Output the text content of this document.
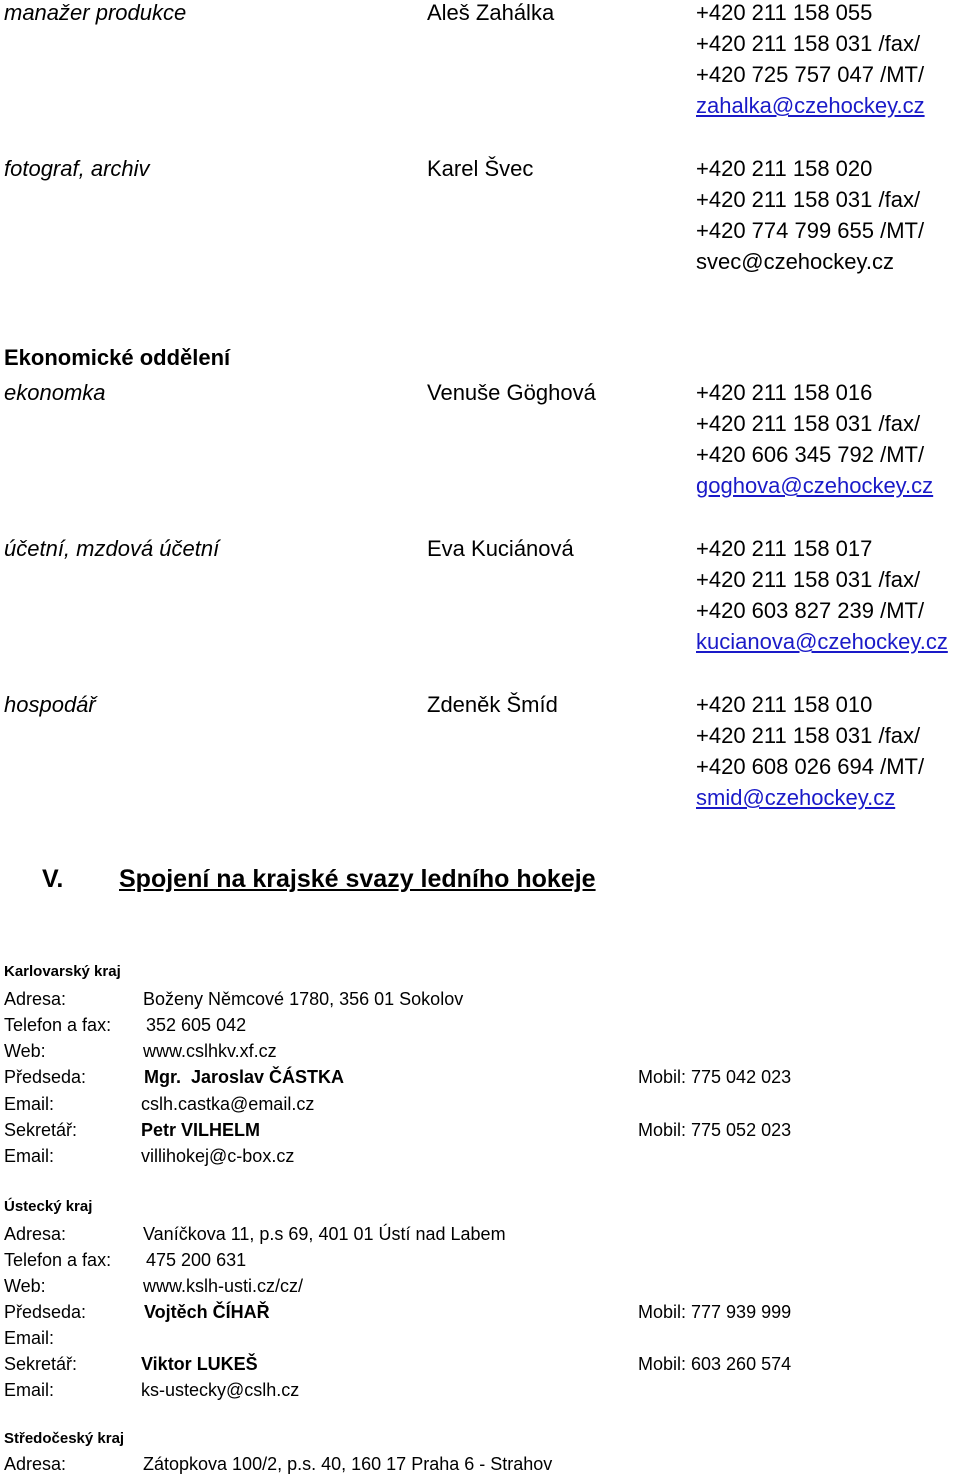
manažer produkce	Aleš Zahálka	+420 211 158 055
+420 211 158 031 /fax/
+420 725 757 047 /MT/
zahalka@czehockey.cz
fotograf, archiv	Karel Švec	+420 211 158 020
+420 211 158 031 /fax/
+420 774 799 655 /MT/
svec@czehockey.cz
Ekonomické oddělení
ekonomka	Venuše Göghová	+420 211 158 016
+420 211 158 031 /fax/
+420 606 345 792 /MT/
goghova@czehockey.cz
účetní, mzdová účetní	Eva Kuciánová	+420 211 158 017
+420 211 158 031 /fax/
+420 603 827 239 /MT/
kucianova@czehockey.cz
hospodář	Zdeněk Šmíd	+420 211 158 010
+420 211 158 031 /fax/
+420 608 026 694 /MT/
smid@czehockey.cz
V. Spojení na krajské svazy ledního hokeje
Karlovarský kraj
Adresa:	Boženy Němcové 1780, 356 01 Sokolov
Telefon a fax: 352 605 042
Web:	www.cslhkv.xf.cz
Předseda:	Mgr. Jaroslav ČÁSTKA	Mobil: 775 042 023
Email:	cslh.castka@email.cz
Sekretář:	Petr VILHELM	Mobil: 775 052 023
Email:	villihokej@c-box.cz
Ústecký kraj
Adresa:	Vaníčkova 11, p.s 69, 401 01 Ústí nad Labem
Telefon a fax: 475 200 631
Web:	www.kslh-usti.cz/cz/
Předseda:	Vojtěch ČÍHAŘ	Mobil: 777 939 999
Email:
Sekretář:	Viktor LUKEŠ	Mobil: 603 260 574
Email:	ks-ustecky@cslh.cz
Středočeský kraj
Adresa:	Zátopkova 100/2, p.s. 40, 160 17 Praha 6 - Strahov
